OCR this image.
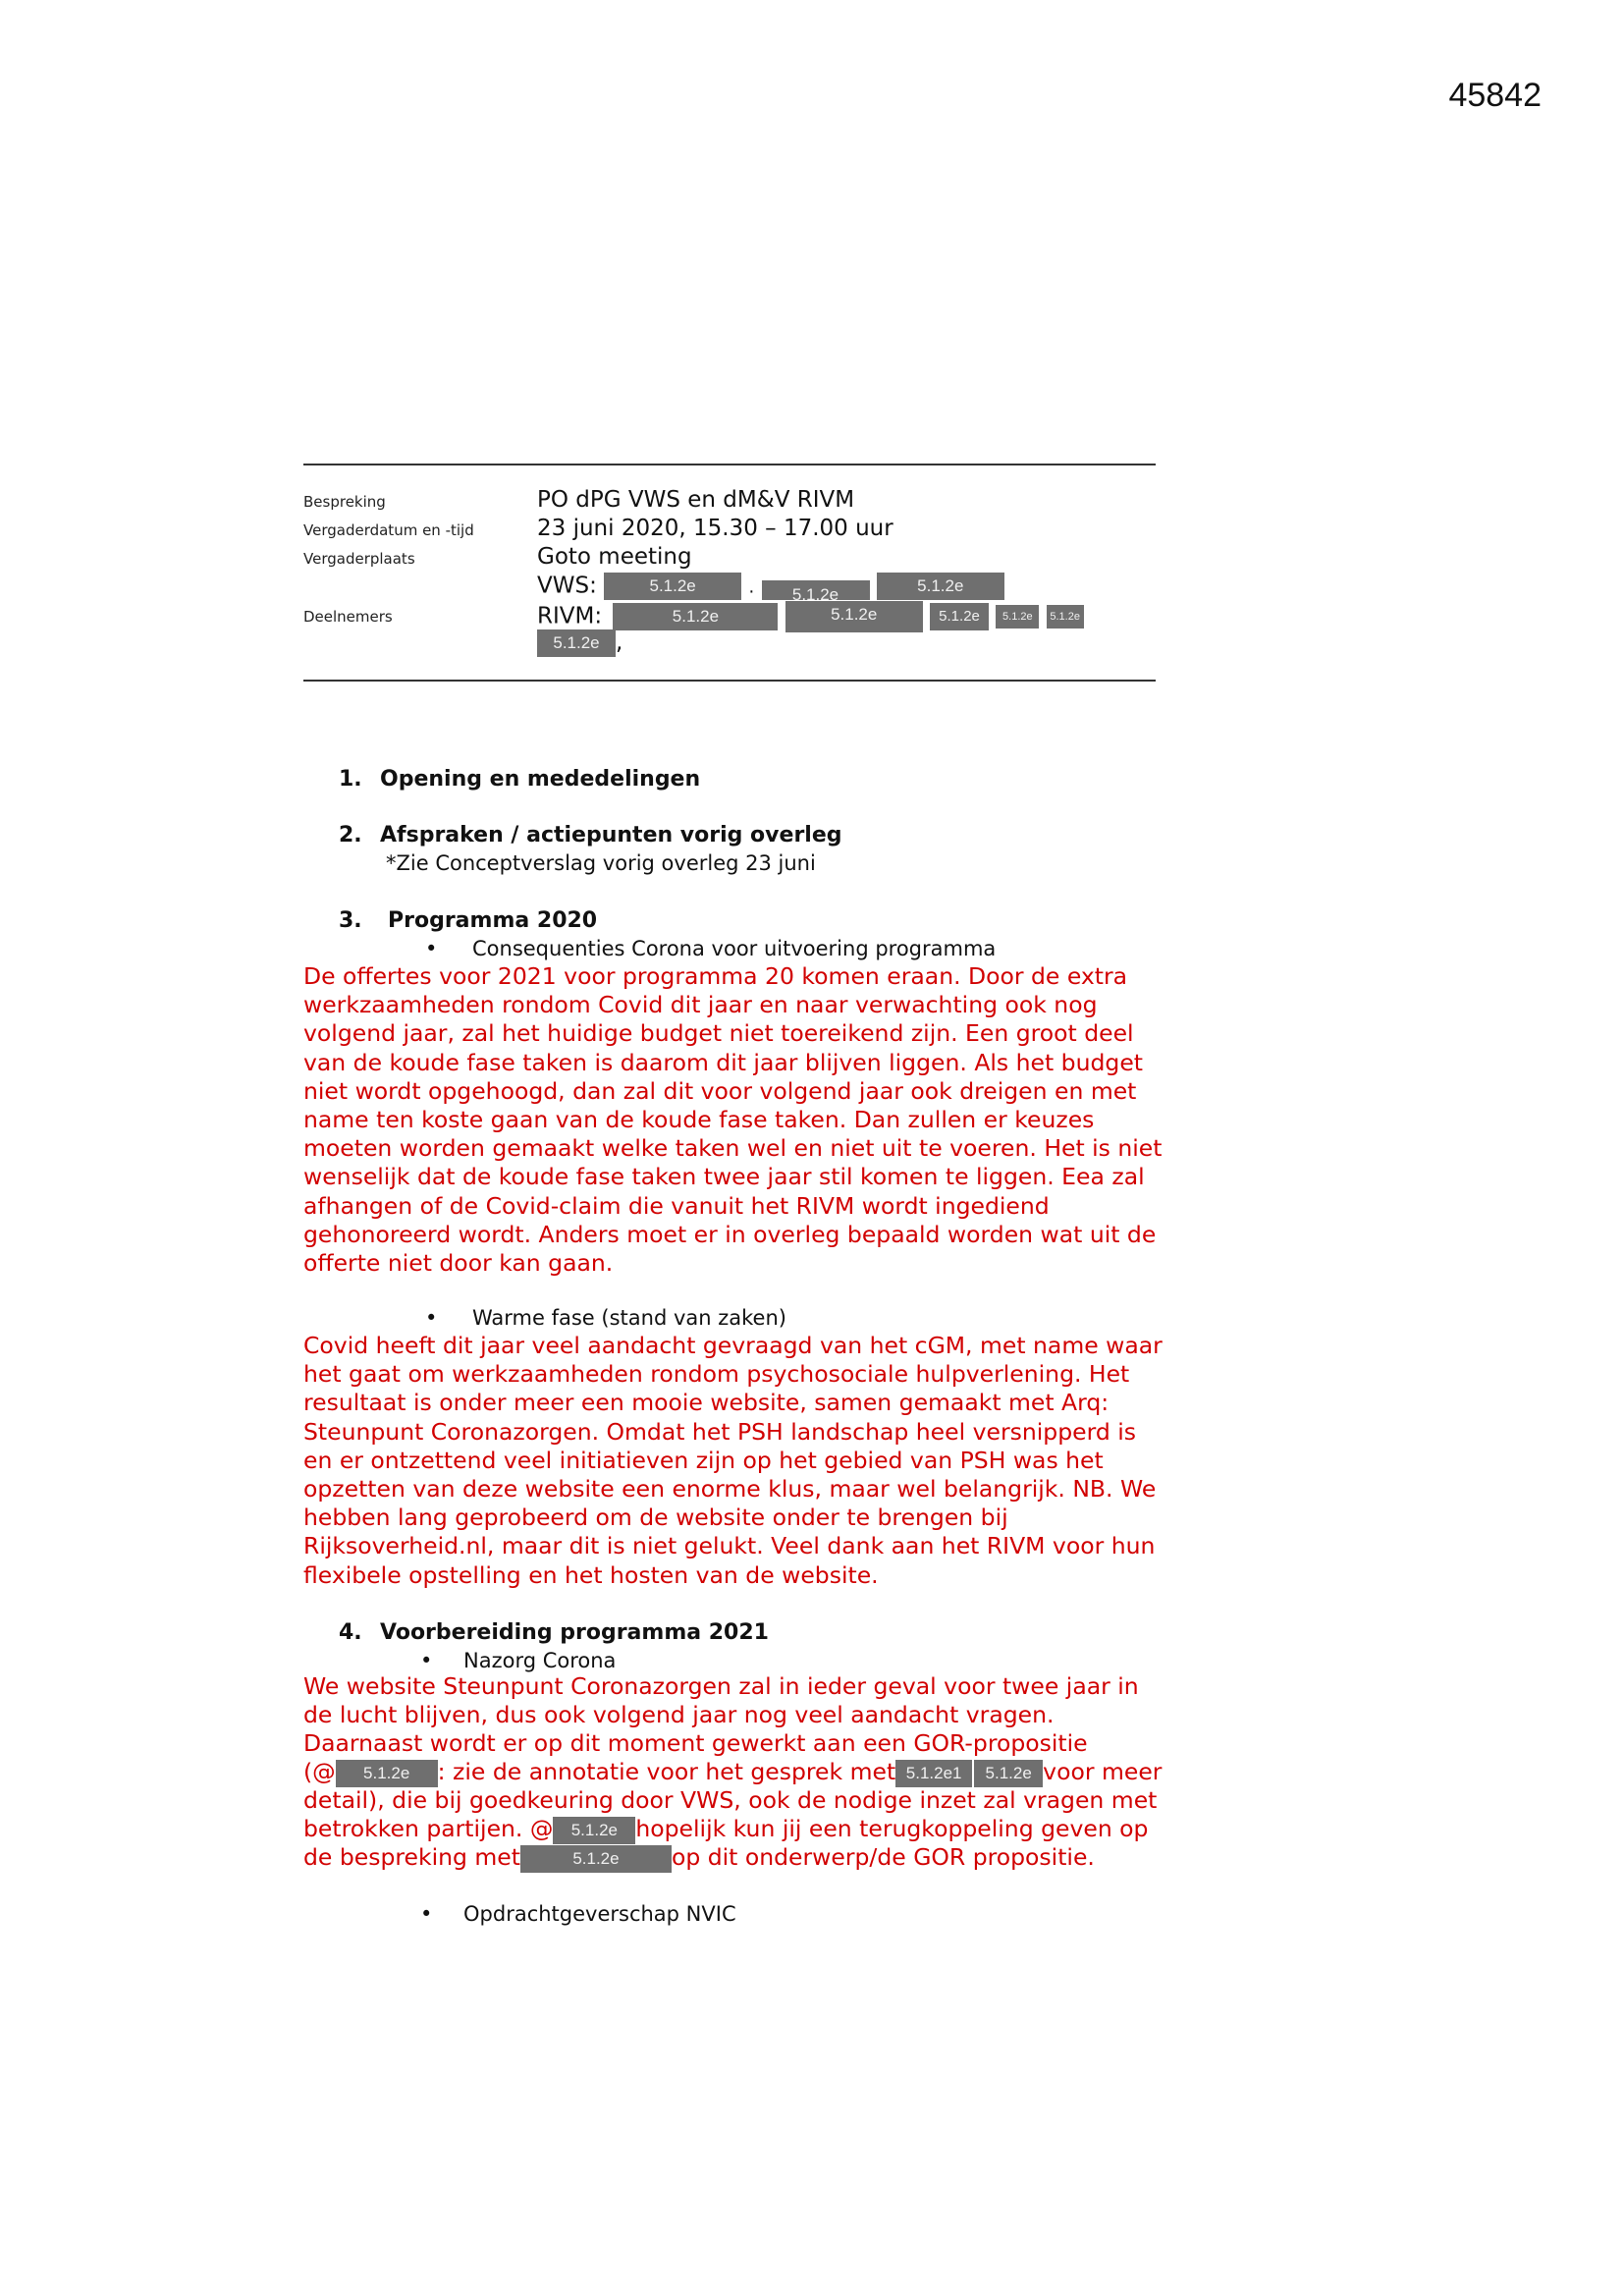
45842
Bespreking	PO dPG VWS en dM&V RIVM
Vergaderdatum en -tijd	23 juni 2020, 15.30 – 17.00 uur
Vergaderplaats	Goto meeting
Deelnemers
VWS:	5.1.2e	. 5.1.2e	5.1.2e
RIVM:	5.1.2e	5.1.2e	5.1.2e 5.1.2e 5.1.2e
5.1.2e ,
1. Opening en mededelingen
2. Afspraken / actiepunten vorig overleg
*Zie Conceptverslag vorig overleg 23 juni
3. Programma 2020
• Consequenties Corona voor uitvoering programma
De offertes voor 2021 voor programma 20 komen eraan. Door de extra
werkzaamheden rondom Covid dit jaar en naar verwachting ook nog
volgend jaar, zal het huidige budget niet toereikend zijn. Een groot deel
van de koude fase taken is daarom dit jaar blijven liggen. Als het budget
niet wordt opgehoogd, dan zal dit voor volgend jaar ook dreigen en met
name ten koste gaan van de koude fase taken. Dan zullen er keuzes
moeten worden gemaakt welke taken wel en niet uit te voeren. Het is niet
wenselijk dat de koude fase taken twee jaar stil komen te liggen. Eea zal
afhangen of de Covid-claim die vanuit het RIVM wordt ingediend
gehonoreerd wordt. Anders moet er in overleg bepaald worden wat uit de
offerte niet door kan gaan.
• Warme fase (stand van zaken)
Covid heeft dit jaar veel aandacht gevraagd van het cGM, met name waar
het gaat om werkzaamheden rondom psychosociale hulpverlening. Het
resultaat is onder meer een mooie website, samen gemaakt met Arq:
Steunpunt Coronazorgen. Omdat het PSH landschap heel versnipperd is
en er ontzettend veel initiatieven zijn op het gebied van PSH was het
opzetten van deze website een enorme klus, maar wel belangrijk. NB. We
hebben lang geprobeerd om de website onder te brengen bij
Rijksoverheid.nl, maar dit is niet gelukt. Veel dank aan het RIVM voor hun
flexibele opstelling en het hosten van de website.
4. Voorbereiding programma 2021
• Nazorg Corona
We website Steunpunt Coronazorgen zal in ieder geval voor twee jaar in
de lucht blijven, dus ook volgend jaar nog veel aandacht vragen.
Daarnaast wordt er op dit moment gewerkt aan een GOR-propositie
(@ 5.1.2e : zie de annotatie voor het gesprek met 5.1.2e1 5.1.2e voor meer
detail), die bij goedkeuring door VWS, ook de nodige inzet zal vragen met
betrokken partijen. @ 5.1.2e hopelijk kun jij een terugkoppeling geven op
de bespreking met	5.1.2e op dit onderwerp/de GOR propositie.
• Opdrachtgeverschap NVIC
